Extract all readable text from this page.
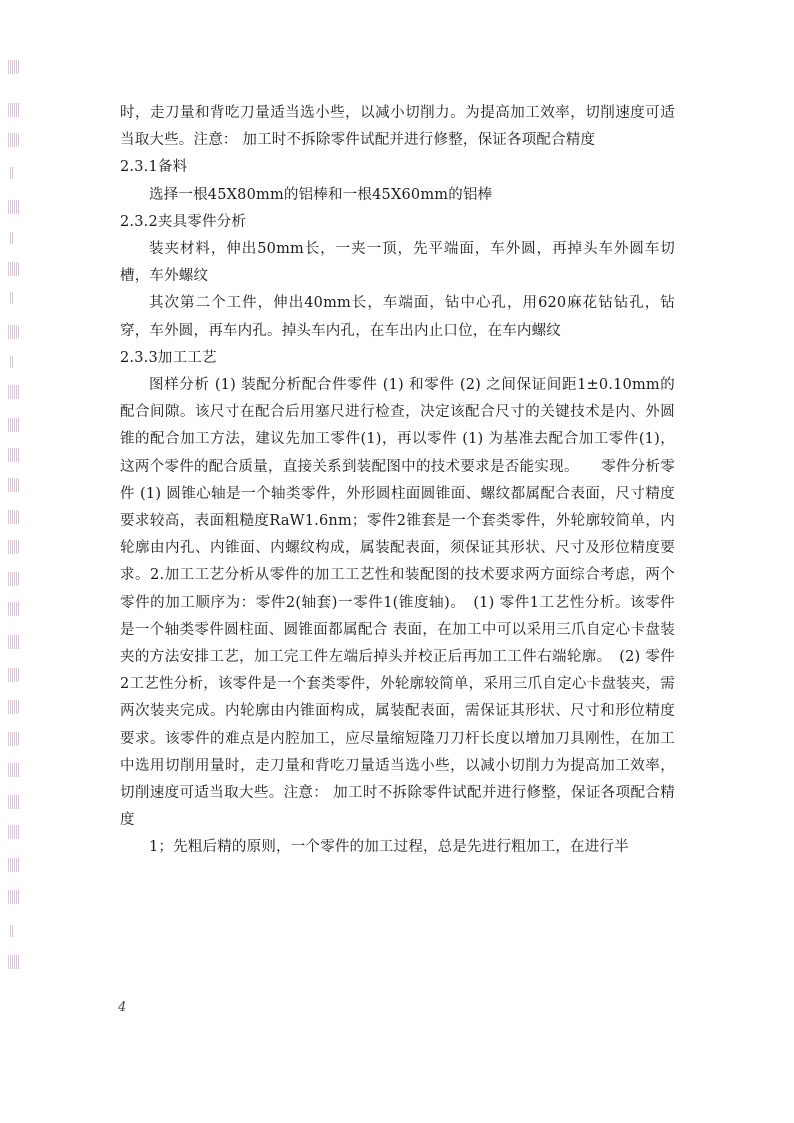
时，走刀量和背吃刀量适当选小些，以减小切削力。为提高加工效率，切削速度可适当取大些。注意： 加工时不拆除零件试配并进行修整，保证各项配合精度

2.3.1备料

选择一根45X80mm的铝棒和一根45X60mm的铝棒

2.3.2夹具零件分析

装夹材料，伸出50mm长，一夹一顶，先平端面，车外圆，再掉头车外圆车切槽，车外螺纹

其次第二个工件，伸出40mm长，车端面，钻中心孔，用620麻花钻钻孔，钻穿，车外圆，再车内孔。掉头车内孔，在车出内止口位，在车内螺纹

2.3.3加工工艺

图样分析 (1) 装配分析配合件零件 (1) 和零件 (2) 之间保证间距1±0.10mm的配合间隙。该尺寸在配合后用塞尺进行检查，决定该配合尺寸的关键技术是内、外圆锥的配合加工方法，建议先加工零件(1)，再以零件 (1) 为基准去配合加工零件(1)，这两个零件的配合质量，直接关系到装配图中的技术要求是否能实现。　　零件分析零件 (1) 圆锥心轴是一个轴类零件，外形圆柱面圆锥面、螺纹都属配合表面，尺寸精度要求较高，表面粗糙度RaW1.6nm；零件2锥套是一个套类零件，外轮廓较简单，内轮廓由内孔、内锥面、内螺纹构成，属装配表面，须保证其形状、尺寸及形位精度要求。2.加工工艺分析从零件的加工工艺性和装配图的技术要求两方面综合考虑，两个零件的加工顺序为：零件2(轴套)一零件1(锥度轴)。　(1) 零件1工艺性分析。该零件是一个轴类零件圆柱面、圆锥面都属配合 表面，在加工中可以采用三爪自定心卡盘装夹的方法安排工艺，加工完工件左端后掉头并校正后再加工工件右端轮廓。　(2) 零件2工艺性分析，该零件是一个套类零件，外轮廓较简单，采用三爪自定心卡盘装夹，需两次装夹完成。内轮廓由内锥面构成，属装配表面，需保证其形状、尺寸和形位精度要求。该零件的难点是内腔加工，应尽量缩短隆刀刀杆长度以增加刀具刚性，在加工中选用切削用量时，走刀量和背吃刀量适当选小些，以减小切削力为提高加工效率，切削速度可适当取大些。注意： 加工时不拆除零件试配并进行修整，保证各项配合精度

1；先粗后精的原则，一个零件的加工过程，总是先进行粗加工，在进行半

4
